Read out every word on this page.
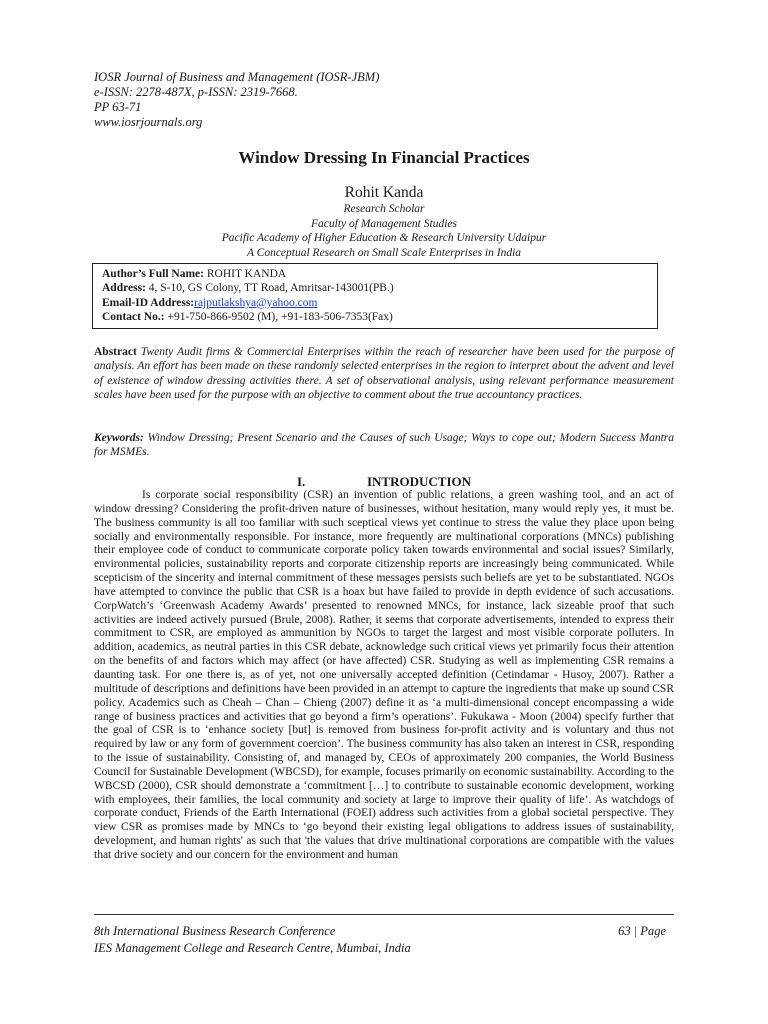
IOSR Journal of Business and Management (IOSR-JBM)
e-ISSN: 2278-487X, p-ISSN: 2319-7668.
PP 63-71
www.iosrjournals.org
Window Dressing In Financial Practices
Rohit Kanda
Research Scholar
Faculty of Management Studies
Pacific Academy of Higher Education & Research University Udaipur
A Conceptual Research on Small Scale Enterprises in India
Author’s Full Name: ROHIT KANDA
Address: 4, S-10, GS Colony, TT Road, Amritsar-143001(PB.)
Email-ID Address:rajputlakshya@yahoo.com
Contact No.: +91-750-866-9502 (M), +91-183-506-7353(Fax)
Abstract Twenty Audit firms & Commercial Enterprises within the reach of researcher have been used for the purpose of analysis. An effort has been made on these randomly selected enterprises in the region to interpret about the advent and level of existence of window dressing activities there. A set of observational analysis, using relevant performance measurement scales have been used for the purpose with an objective to comment about the true accountancy practices.
Keywords: Window Dressing; Present Scenario and the Causes of such Usage; Ways to cope out; Modern Success Mantra for MSMEs.
I.	INTRODUCTION

Is corporate social responsibility (CSR) an invention of public relations, a green washing tool, and an act of window dressing? Considering the profit-driven nature of businesses, without hesitation, many would reply yes, it must be. The business community is all too familiar with such sceptical views yet continue to stress the value they place upon being socially and environmentally responsible. For instance, more frequently are multinational corporations (MNCs) publishing their employee code of conduct to communicate corporate policy taken towards environmental and social issues? Similarly, environmental policies, sustainability reports and corporate citizenship reports are increasingly being communicated. While scepticism of the sincerity and internal commitment of these messages persists such beliefs are yet to be substantiated. NGOs have attempted to convince the public that CSR is a hoax but have failed to provide in depth evidence of such accusations. CorpWatch’s ‘Greenwash Academy Awards’ presented to renowned MNCs, for instance, lack sizeable proof that such activities are indeed actively pursued (Brule, 2008). Rather, it seems that corporate advertisements, intended to express their commitment to CSR, are employed as ammunition by NGOs to target the largest and most visible corporate polluters. In addition, academics, as neutral parties in this CSR debate, acknowledge such critical views yet primarily focus their attention on the benefits of and factors which may affect (or have affected) CSR. Studying as well as implementing CSR remains a daunting task. For one there is, as of yet, not one universally accepted definition (Cetindamar - Husoy, 2007). Rather a multitude of descriptions and definitions have been provided in an attempt to capture the ingredients that make up sound CSR policy. Academics such as Cheah – Chan – Chieng (2007) define it as ‘a multi-dimensional concept encompassing a wide range of business practices and activities that go beyond a firm’s operations’. Fukukawa - Moon (2004) specify further that the goal of CSR is to ‘enhance society [but] is removed from business for-profit activity and is voluntary and thus not required by law or any form of government coercion’. The business community has also taken an interest in CSR, responding to the issue of sustainability. Consisting of, and managed by, CEOs of approximately 200 companies, the World Business Council for Sustainable Development (WBCSD), for example, focuses primarily on economic sustainability. According to the WBCSD (2000), CSR should demonstrate a ‘commitment […] to contribute to sustainable economic development, working with employees, their families, the local community and society at large to improve their quality of life’. As watchdogs of corporate conduct, Friends of the Earth International (FOEI) address such activities from a global societal perspective. They view CSR as promises made by MNCs to ‘go beyond their existing legal obligations to address issues of sustainability, development, and human rights' as such that 'the values that drive multinational corporations are compatible with the values that drive society and our concern for the environment and human

8th International Business Research Conference	63 | Page
IES Management College and Research Centre, Mumbai, India
